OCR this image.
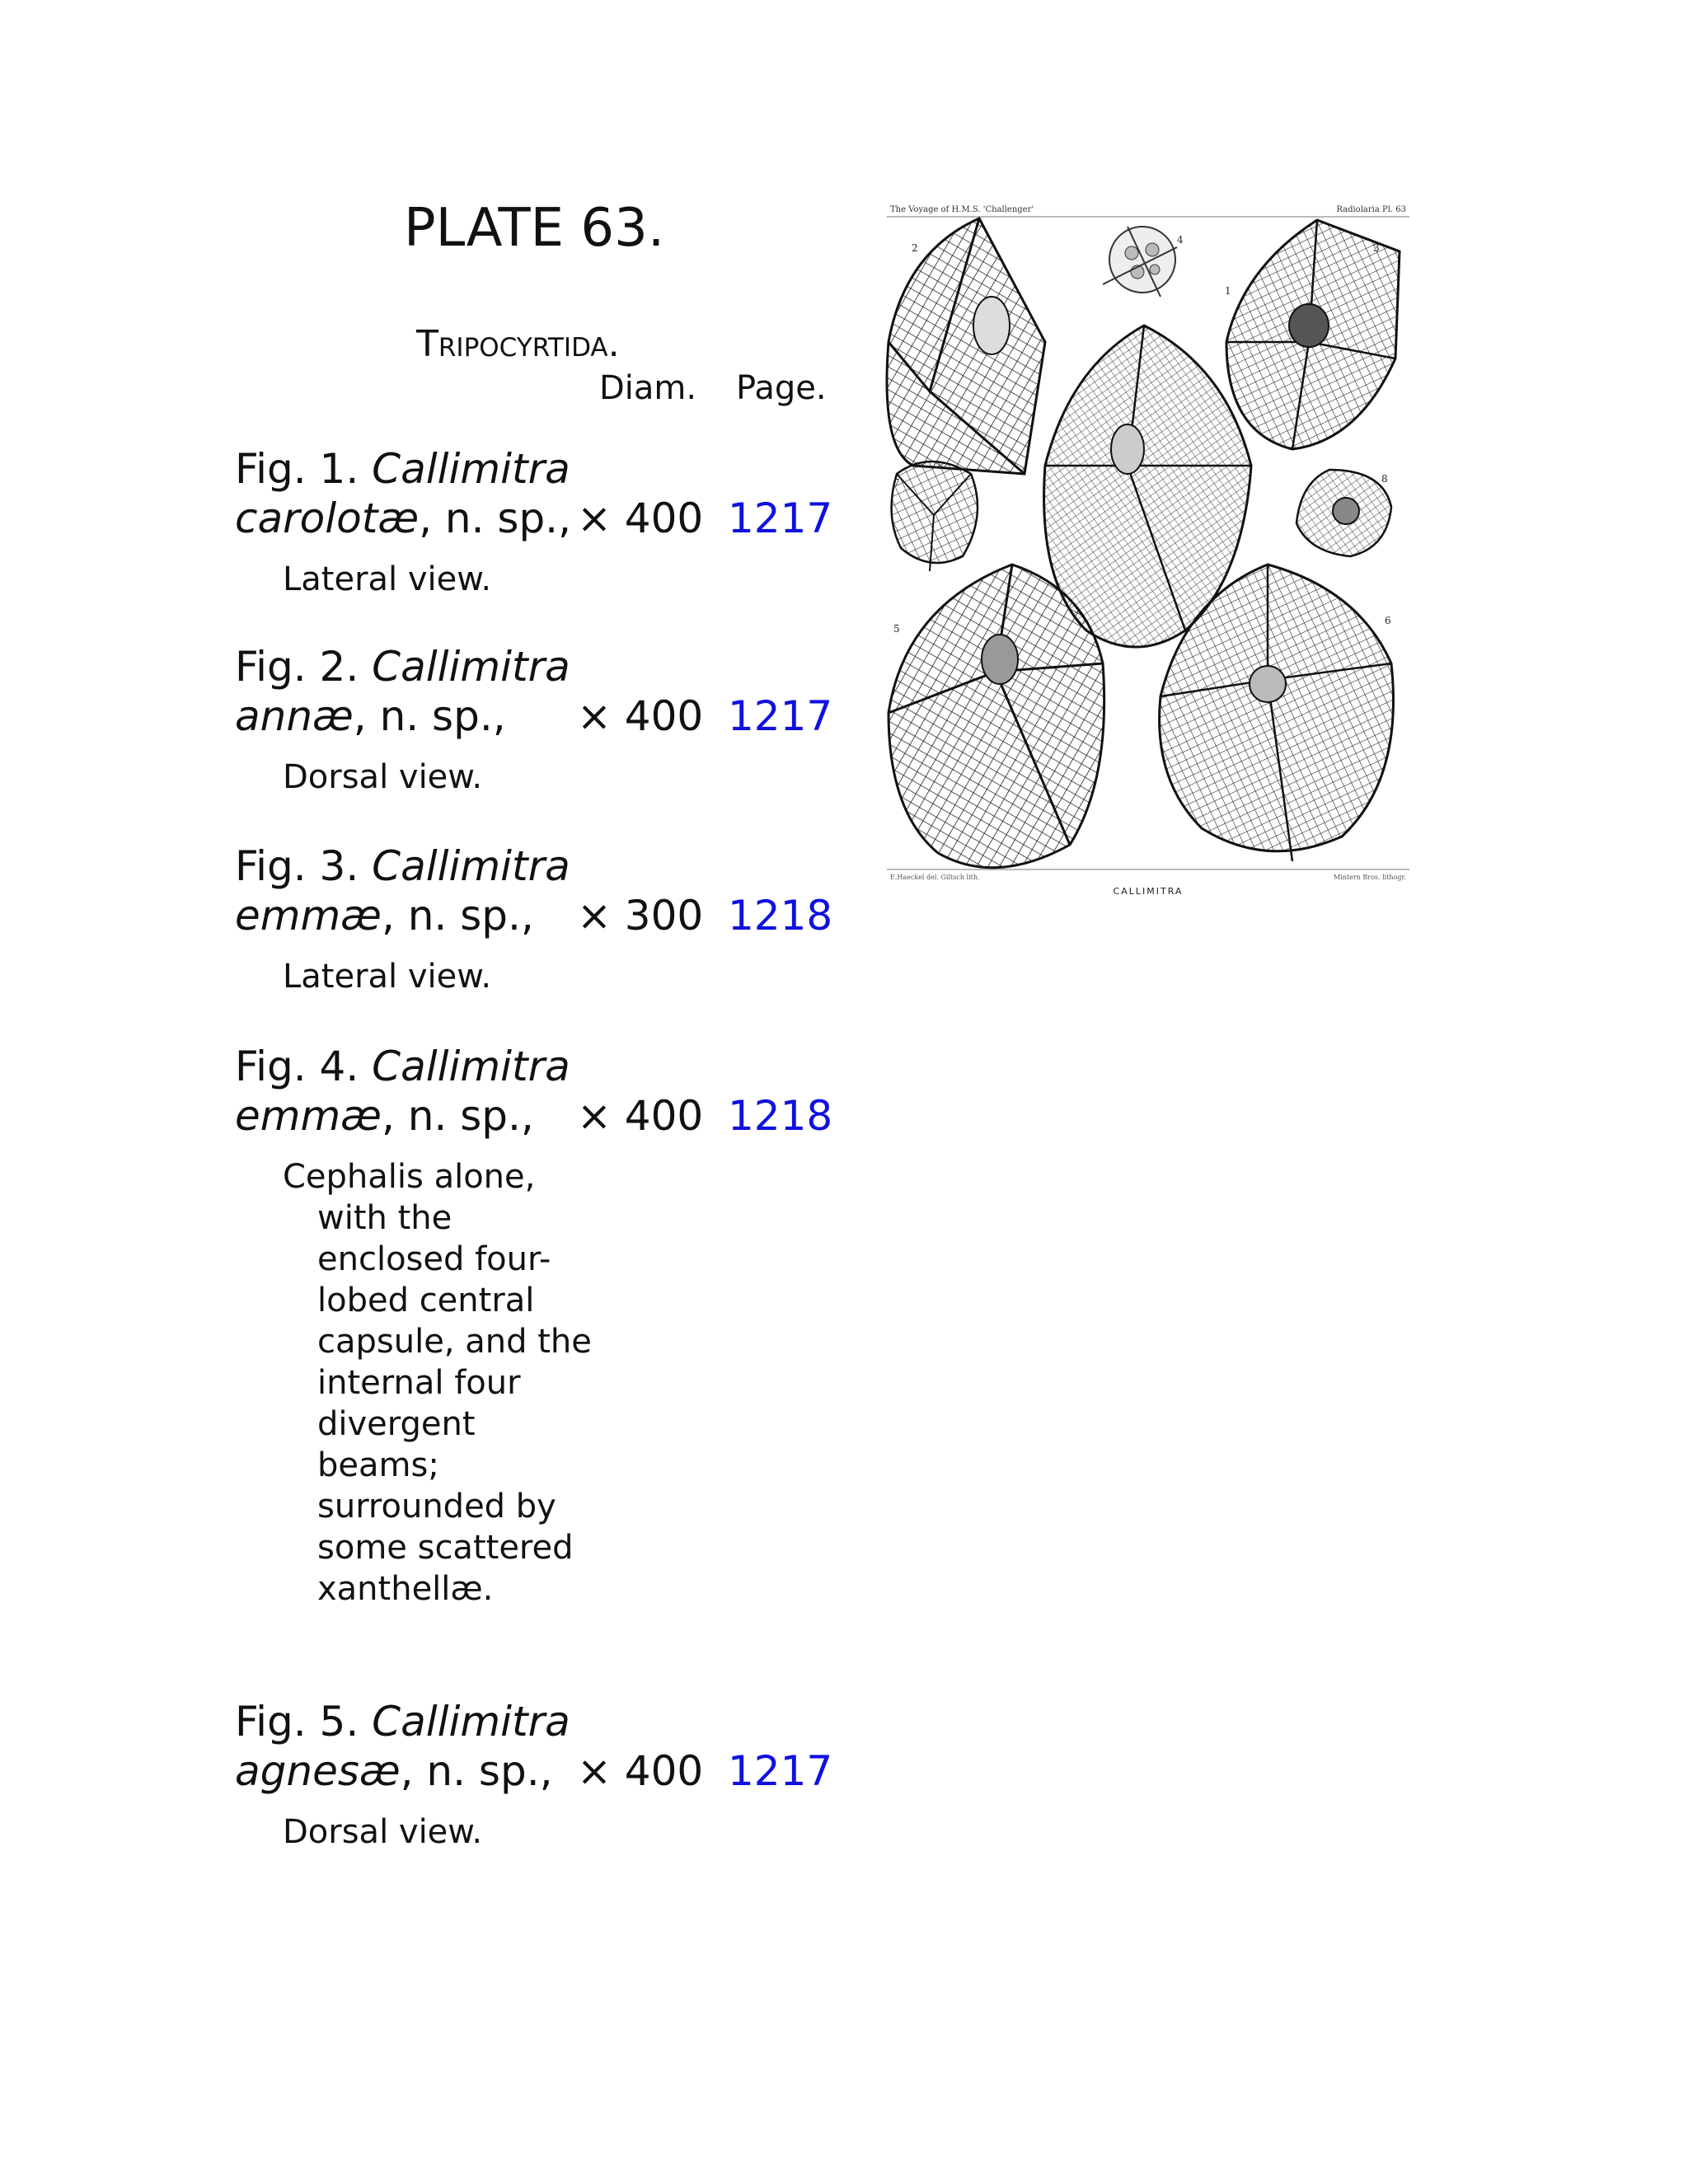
PLATE 63.
Tripocyrtida.
Diam. Page.
Fig. 1. Callimitra
carolotæ, n. sp., × 400 1217
Lateral view.
Fig. 2. Callimitra
annæ, n. sp., × 400 1217
Dorsal view.
Fig. 3. Callimitra
emmæ, n. sp., × 300 1218
Lateral view.
Fig. 4. Callimitra
emmæ, n. sp., × 400 1218
Cephalis alone, with the enclosed four-lobed central capsule, and the internal four divergent beams; surrounded by some scattered xanthellæ.
Fig. 5. Callimitra
agnesæ, n. sp., × 400 1217
Dorsal view.
The Voyage of H.M.S. 'Challenger'	Radiolaria Pl. 63
1
2	3
4
5
6
7	8
E.Haeckel del. Giltsch lith.	Mintern Bros. lithogr.
CALLIMITRA
